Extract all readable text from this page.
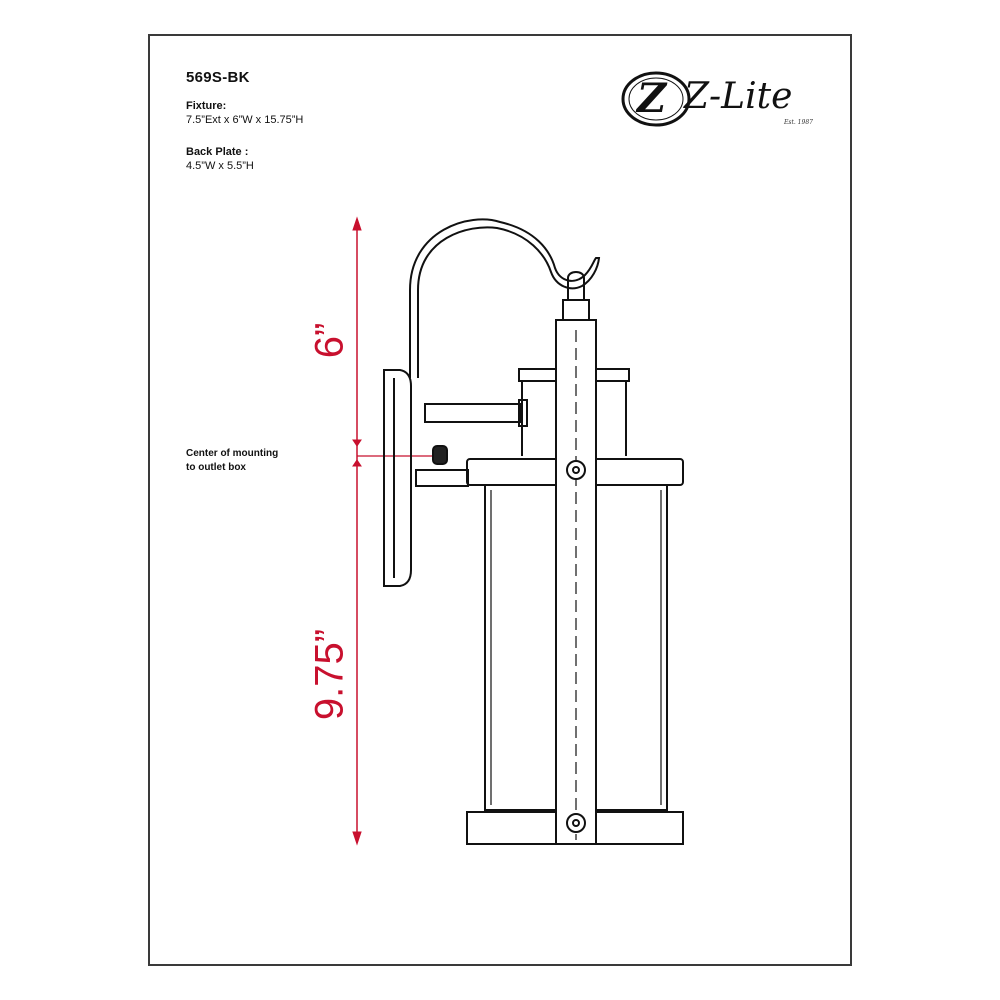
569S-BK
Fixture:
7.5”Ext x 6”W x 15.75”H
Back Plate :
4.5”W x 5.5”H
Center of mounting
to outlet box
Z Z-Lite
Est. 1987
6”
9.75”
